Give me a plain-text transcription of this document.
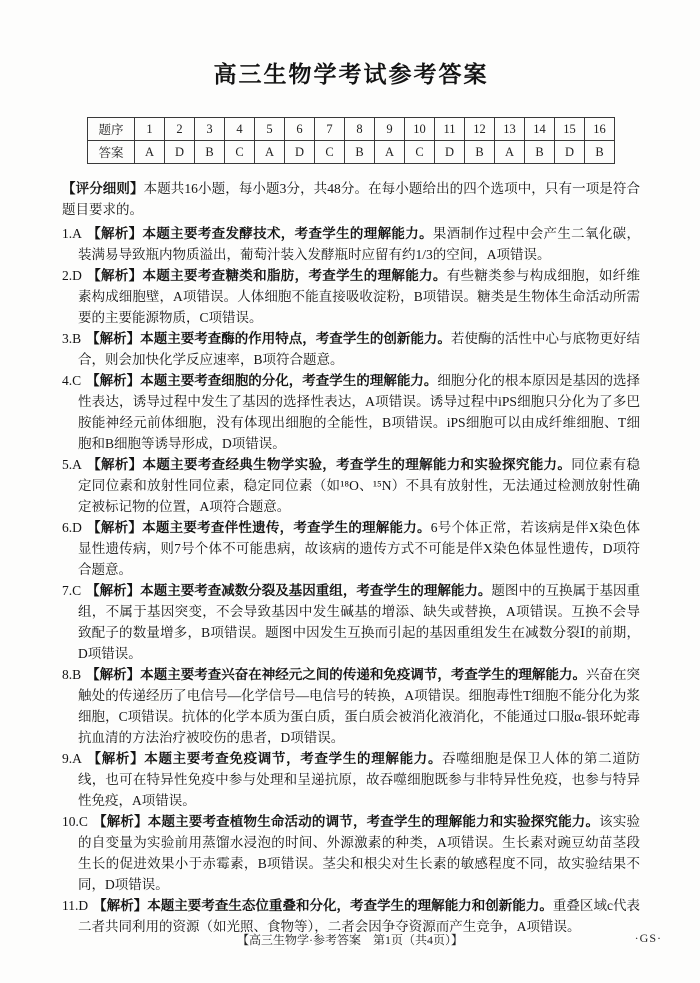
高三生物学考试参考答案
题序	1	2	3	4	5	6	7	8	9	10	11	12	13	14	15	16
答案	A	D	B	C	A	D	C	B	A	C	D	B	A	B	D	B

【评分细则】本题共16小题，每小题3分，共48分。在每小题给出的四个选项中，只有一项是符合题目要求的。

1.A 【解析】本题主要考查发酵技术，考查学生的理解能力。果酒制作过程中会产生二氧化碳，装满易导致瓶内物质溢出，葡萄汁装入发酵瓶时应留有约1/3的空间，A项错误。

2.D 【解析】本题主要考查糖类和脂肪，考查学生的理解能力。有些糖类参与构成细胞，如纤维素构成细胞壁，A项错误。人体细胞不能直接吸收淀粉，B项错误。糖类是生物体生命活动所需要的主要能源物质，C项错误。

3.B 【解析】本题主要考查酶的作用特点，考查学生的创新能力。若使酶的活性中心与底物更好结合，则会加快化学反应速率，B项符合题意。

4.C 【解析】本题主要考查细胞的分化，考查学生的理解能力。细胞分化的根本原因是基因的选择性表达，诱导过程中发生了基因的选择性表达，A项错误。诱导过程中iPS细胞只分化为了多巴胺能神经元前体细胞，没有体现出细胞的全能性，B项错误。iPS细胞可以由成纤维细胞、T细胞和B细胞等诱导形成，D项错误。

5.A 【解析】本题主要考查经典生物学实验，考查学生的理解能力和实验探究能力。同位素有稳定同位素和放射性同位素，稳定同位素（如¹⁸O、¹⁵N）不具有放射性，无法通过检测放射性确定被标记物的位置，A项符合题意。

6.D 【解析】本题主要考查伴性遗传，考查学生的理解能力。6号个体正常，若该病是伴X染色体显性遗传病，则7号个体不可能患病，故该病的遗传方式不可能是伴X染色体显性遗传，D项符合题意。

7.C 【解析】本题主要考查减数分裂及基因重组，考查学生的理解能力。题图中的互换属于基因重组，不属于基因突变，不会导致基因中发生碱基的增添、缺失或替换，A项错误。互换不会导致配子的数量增多，B项错误。题图中因发生互换而引起的基因重组发生在减数分裂Ⅰ的前期，D项错误。

8.B 【解析】本题主要考查兴奋在神经元之间的传递和免疫调节，考查学生的理解能力。兴奋在突触处的传递经历了电信号—化学信号—电信号的转换，A项错误。细胞毒性T细胞不能分化为浆细胞，C项错误。抗体的化学本质为蛋白质，蛋白质会被消化液消化，不能通过口服α-银环蛇毒抗血清的方法治疗被咬伤的患者，D项错误。

9.A 【解析】本题主要考查免疫调节，考查学生的理解能力。吞噬细胞是保卫人体的第二道防线，也可在特异性免疫中参与处理和呈递抗原，故吞噬细胞既参与非特异性免疫，也参与特异性免疫，A项错误。

10.C 【解析】本题主要考查植物生命活动的调节，考查学生的理解能力和实验探究能力。该实验的自变量为实验前用蒸馏水浸泡的时间、外源激素的种类，A项错误。生长素对豌豆幼苗茎段生长的促进效果小于赤霉素，B项错误。茎尖和根尖对生长素的敏感程度不同，故实验结果不同，D项错误。

11.D 【解析】本题主要考查生态位重叠和分化，考查学生的理解能力和创新能力。重叠区域c代表二者共同利用的资源（如光照、食物等），二者会因争夺资源而产生竞争，A项错误。

【高三生物学·参考答案　第1页（共4页）】	·GS·
